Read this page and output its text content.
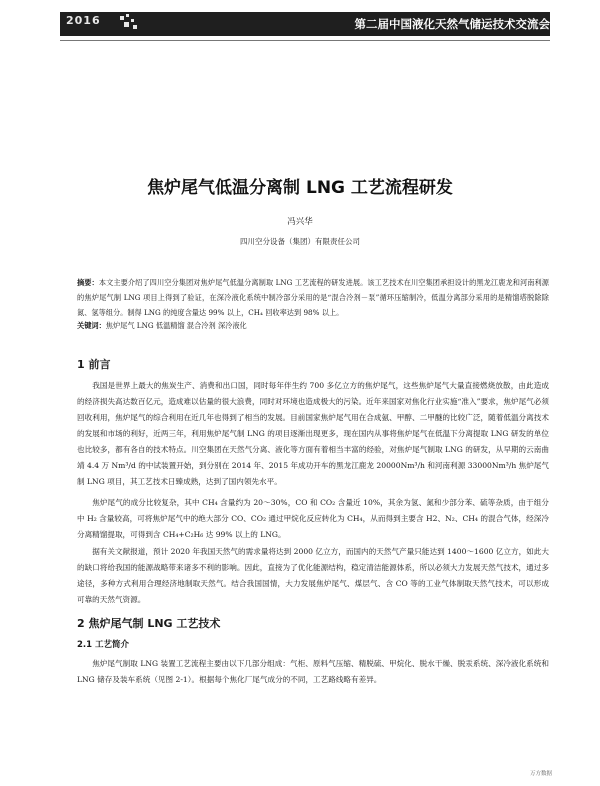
2016	第二届中国液化天然气储运技术交流会
焦炉尾气低温分离制 LNG 工艺流程研发
冯兴华
四川空分设备（集团）有限责任公司

摘要：本文主要介绍了四川空分集团对焦炉尾气低温分离制取 LNG 工艺流程的研发进展。该工艺技术在川空集团承担设计的黑龙江鹿龙和河南利源的焦炉尾气制 LNG 项目上得到了验证，在深冷液化系统中制冷部分采用的是“混合冷剂－泵”循环压缩制冷，低温分离部分采用的是精馏塔脱除除氮、氢等组分。制得 LNG 的纯度含量达 99% 以上，CH₄ 回收率达到 98% 以上。

关键词：焦炉尾气 LNG 低温精馏 混合冷剂 深冷液化

1 前言

我国是世界上最大的焦炭生产、消费和出口国，同时每年伴生约 700 多亿立方的焦炉尾气，这些焦炉尾气大量直接燃烧放散，由此造成的经济损失高达数百亿元，造成难以估量的很大浪费，同时对环境也造成极大的污染。近年来国家对焦化行业实施“准入”要求，焦炉尾气必须回收利用，焦炉尾气的综合利用在近几年也得到了相当的发展。目前国家焦炉尾气用在合成氨、甲醇、二甲醚的比较广泛，随着低温分离技术的发展和市场的利好，近两三年，利用焦炉尾气制 LNG 的项目逐渐出现更多，现在国内从事将焦炉尾气在低温下分离提取 LNG 研发的单位也比较多，都有各自的技术特点。川空集团在天然气分离、液化等方面有着相当丰富的经验，对焦炉尾气制取 LNG 的研发，从早期的云南曲靖 4.4 万 Nm³/d 的中试装置开始，到分别在 2014 年、2015 年成功开车的黑龙江鹿龙 20000Nm³/h 和河南利源 33000Nm³/h 焦炉尾气制 LNG 项目，其工艺技术日臻成熟，达到了国内领先水平。

焦炉尾气的成分比较复杂，其中 CH₄ 含量约为 20～30%，CO 和 CO₂ 含量近 10%，其余为氢、氮和少部分苯、硫等杂质，由于组分中 H₂ 含量较高，可将焦炉尾气中的绝大部分 CO、CO₂ 通过甲烷化反应转化为 CH₄，从而得到主要含 H2、N₂、CH₄ 的混合气体，经深冷分离精馏提取，可得到含 CH₄+C₂H₆ 达 99% 以上的 LNG。

据有关文献报道，预计 2020 年我国天然气的需求量将达到 2000 亿立方，而国内的天然气产量只能达到 1400～1600 亿立方，如此大的缺口将给我国的能源战略带来诸多不利的影响。因此，直接为了优化能源结构，稳定清洁能源体系，所以必须大力发展天然气技术，通过多途径，多种方式利用合理经济地制取天然气。结合我国国情，大力发展焦炉尾气、煤层气、含 CO 等的工业气体制取天然气技术，可以形成可靠的天然气资源。

2 焦炉尾气制 LNG 工艺技术
2.1 工艺简介

焦炉尾气制取 LNG 装置工艺流程主要由以下几部分组成：气柜、原料气压缩、精脱硫、甲烷化、脱水干燥、脱汞系统、深冷液化系统和 LNG 储存及装车系统（见图 2-1）。根据每个焦化厂尾气成分的不同，工艺路线略有差异。

万方数据
